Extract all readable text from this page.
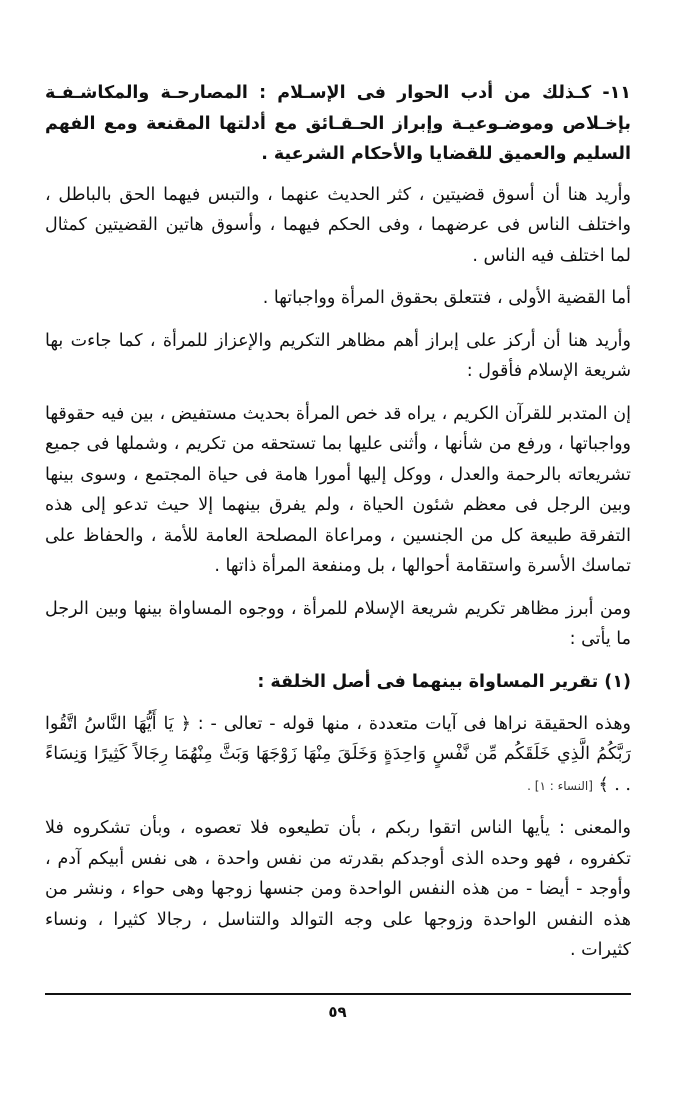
١١- كـذلك من أدب الحوار فى الإسـلام : المصارحـة والمكاشـفـة بإخـلاص وموضـوعيـة وإبراز الحـقـائق مع أدلتها المقنعة ومع الفهم السليم والعميق للقضايا والأحكام الشرعية .

وأريد هنا أن أسوق قضيتين ، كثر الحديث عنهما ، والتبس فيهما الحق بالباطل ، واختلف الناس فى عرضهما ، وفى الحكم فيهما ، وأسوق هاتين القضيتين كمثال لما اختلف فيه الناس .

أما القضية الأولى ، فتتعلق بحقوق المرأة وواجباتها .

وأريد هنا أن أركز على إبراز أهم مظاهر التكريم والإعزاز للمرأة ، كما جاءت بها شريعة الإسلام فأقول :

إن المتدبر للقرآن الكريم ، يراه قد خص المرأة بحديث مستفيض ، بين فيه حقوقها وواجباتها ، ورفع من شأنها ، وأثنى عليها بما تستحقه من تكريم ، وشملها فى جميع تشريعاته بالرحمة والعدل ، ووكل إليها أمورا هامة فى حياة المجتمع ، وسوى بينها وبين الرجل فى معظم شئون الحياة ، ولم يفرق بينهما إلا حيث تدعو إلى هذه التفرقة طبيعة كل من الجنسين ، ومراعاة المصلحة العامة للأمة ، والحفاظ على تماسك الأسرة واستقامة أحوالها ، بل ومنفعة المرأة ذاتها .

ومن أبرز مظاهر تكريم شريعة الإسلام للمرأة ، ووجوه المساواة بينها وبين الرجل ما يأتى :

(١) تقرير المساواة بينهما فى أصل الخلقة :

وهذه الحقيقة نراها فى آيات متعددة ، منها قوله - تعالى - : ﴿ يَا أَيُّهَا النَّاسُ اتَّقُوا رَبَّكُمُ الَّذِي خَلَقَكُم مِّن نَّفْسٍ وَاحِدَةٍ وَخَلَقَ مِنْهَا زَوْجَهَا وَبَثَّ مِنْهُمَا رِجَالاً كَثِيرًا وَنِسَاءً . . ﴾ [النساء : ١] .

والمعنى : يأيها الناس اتقوا ربكم ، بأن تطيعوه فلا تعصوه ، وبأن تشكروه فلا تكفروه ، فهو وحده الذى أوجدكم بقدرته من نفس واحدة ، هى نفس أبيكم آدم ، وأوجد - أيضا - من هذه النفس الواحدة ومن جنسها زوجها وهى حواء ، ونشر من هذه النفس الواحدة وزوجها على وجه التوالد والتناسل ، رجالا كثيرا ، ونساء كثيرات .

٥٩
